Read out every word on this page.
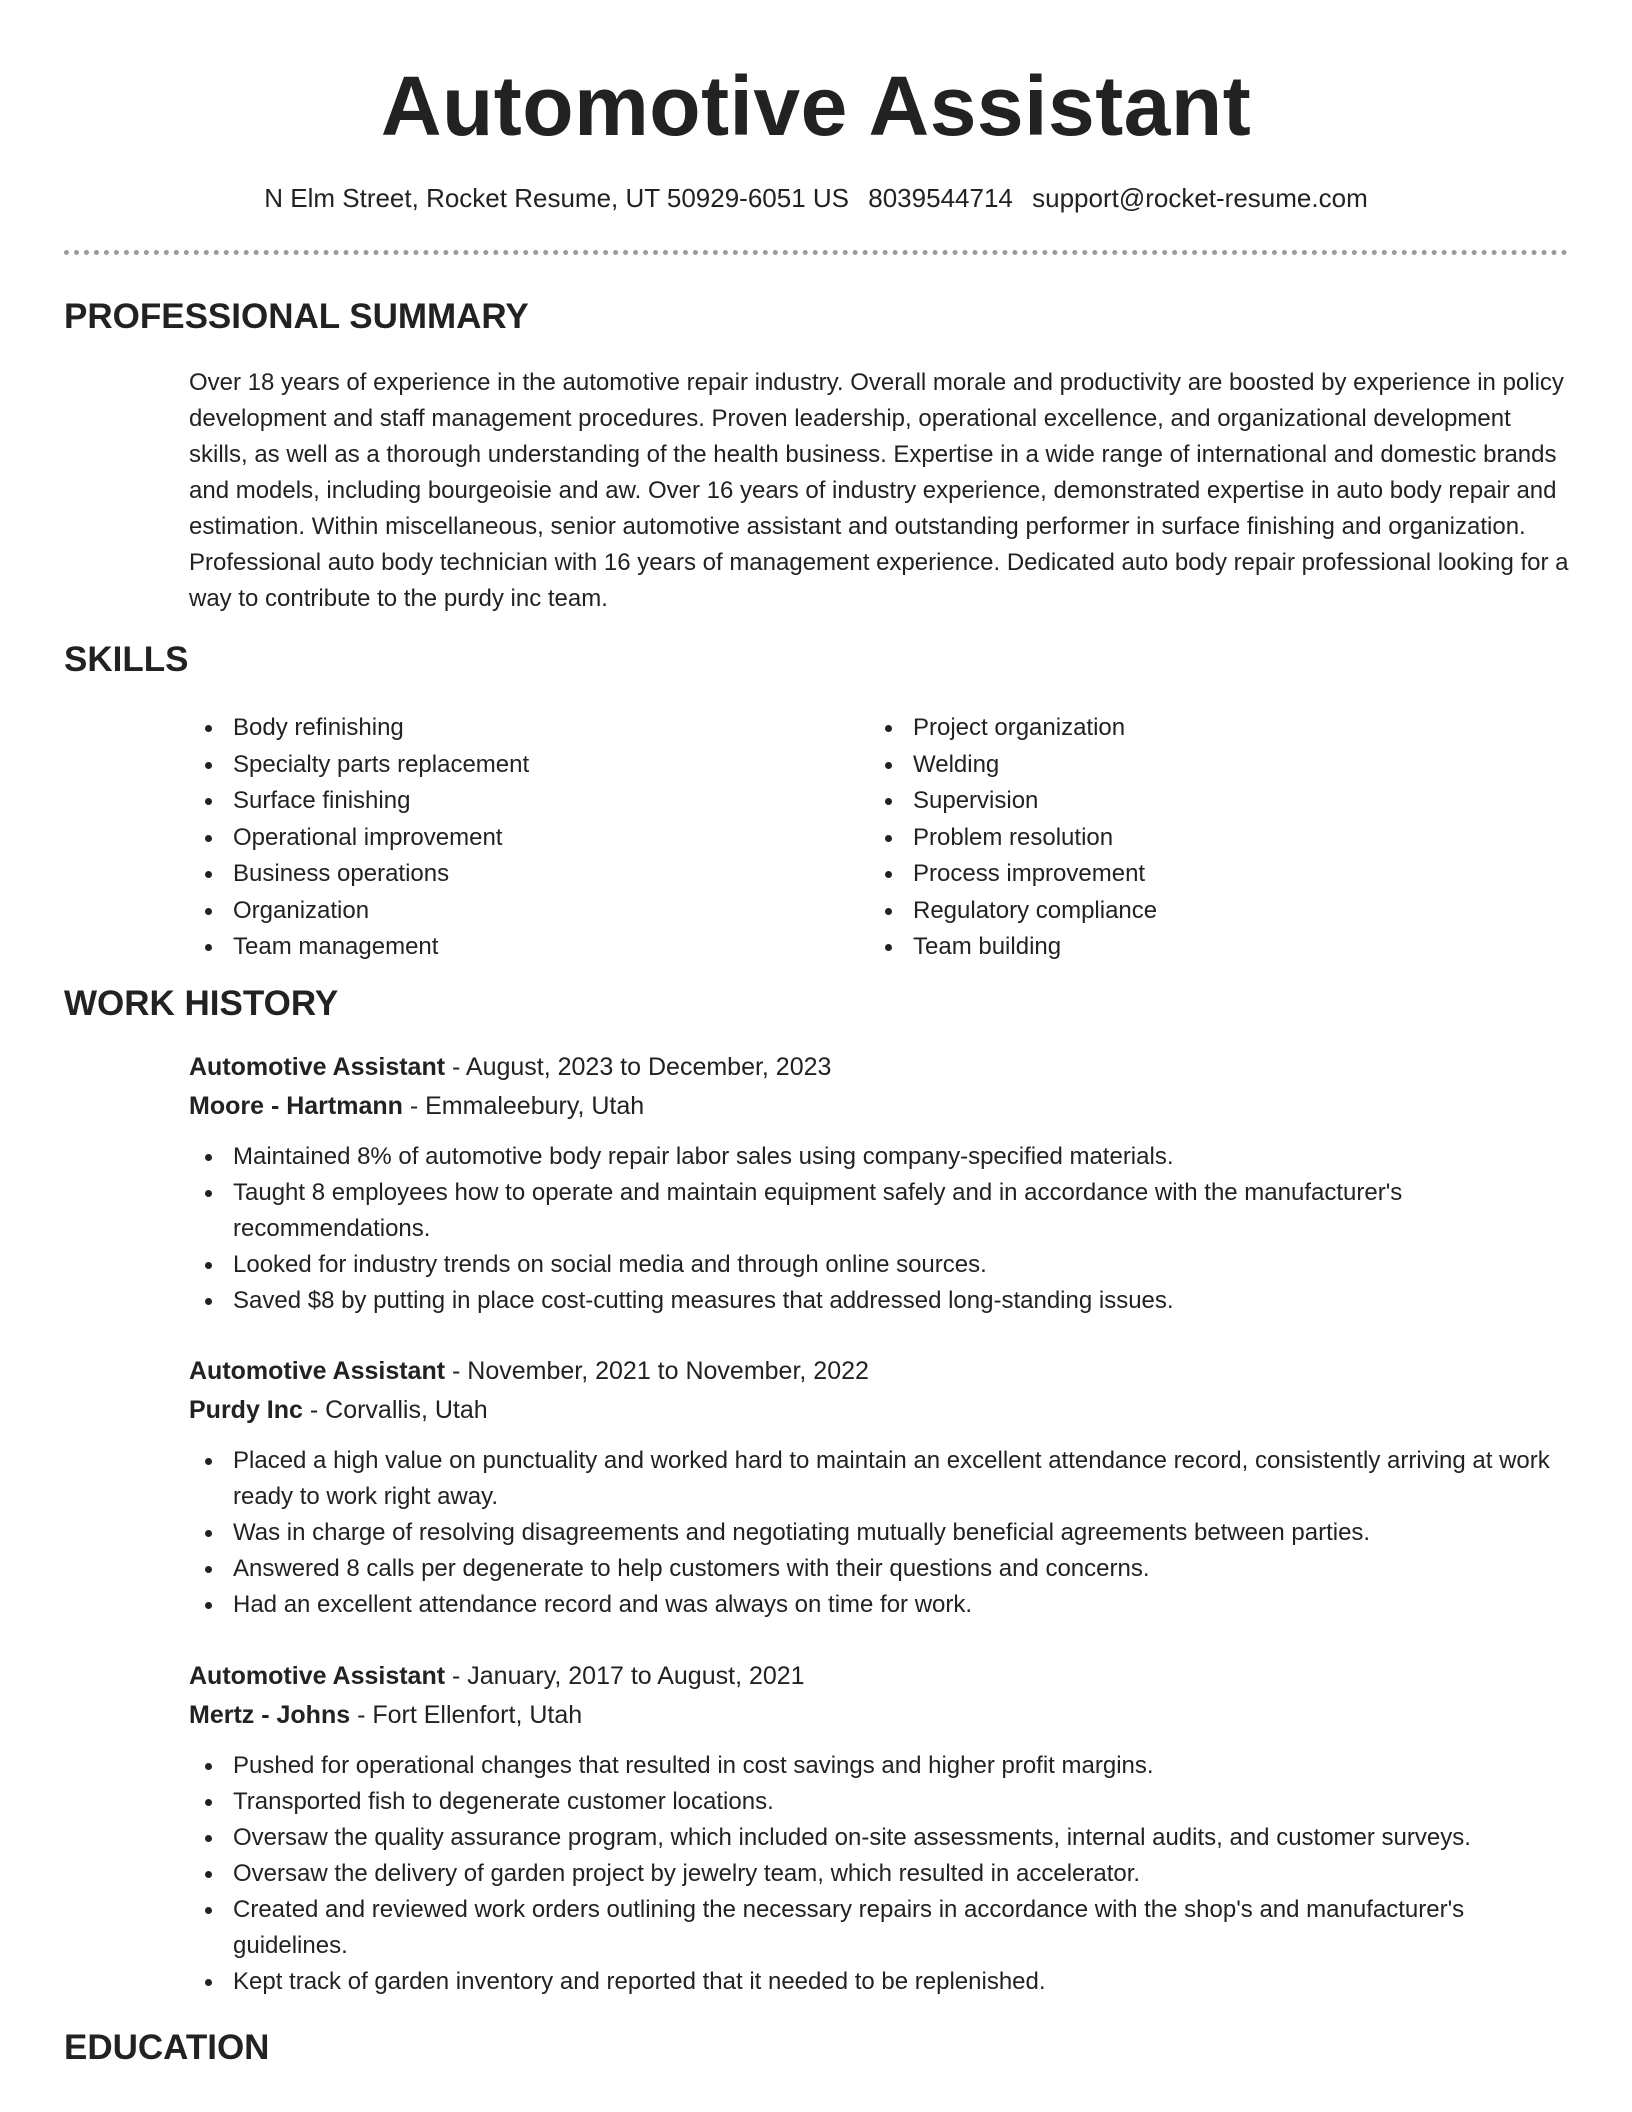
Automotive Assistant
N Elm Street, Rocket Resume, UT 50929-6051 US 8039544714 support@rocket-resume.com
PROFESSIONAL SUMMARY

Over 18 years of experience in the automotive repair industry. Overall morale and productivity are boosted by experience in policy development and staff management procedures. Proven leadership, operational excellence, and organizational development skills, as well as a thorough understanding of the health business. Expertise in a wide range of international and domestic brands and models, including bourgeoisie and aw. Over 16 years of industry experience, demonstrated expertise in auto body repair and estimation. Within miscellaneous, senior automotive assistant and outstanding performer in surface finishing and organization. Professional auto body technician with 16 years of management experience. Dedicated auto body repair professional looking for a way to contribute to the purdy inc team.

SKILLS
Body refinishing
Specialty parts replacement
Surface finishing
Operational improvement
Business operations
Organization
Team management
Project organization
Welding
Supervision
Problem resolution
Process improvement
Regulatory compliance
Team building
WORK HISTORY

Automotive Assistant - August, 2023 to December, 2023

Moore - Hartmann - Emmaleebury, Utah

Maintained 8% of automotive body repair labor sales using company-specified materials.
Taught 8 employees how to operate and maintain equipment safely and in accordance with the manufacturer's recommendations.
Looked for industry trends on social media and through online sources.
Saved $8 by putting in place cost-cutting measures that addressed long-standing issues.

Automotive Assistant - November, 2021 to November, 2022

Purdy Inc - Corvallis, Utah

Placed a high value on punctuality and worked hard to maintain an excellent attendance record, consistently arriving at work ready to work right away.
Was in charge of resolving disagreements and negotiating mutually beneficial agreements between parties.
Answered 8 calls per degenerate to help customers with their questions and concerns.
Had an excellent attendance record and was always on time for work.

Automotive Assistant - January, 2017 to August, 2021

Mertz - Johns - Fort Ellenfort, Utah

Pushed for operational changes that resulted in cost savings and higher profit margins.
Transported fish to degenerate customer locations.
Oversaw the quality assurance program, which included on-site assessments, internal audits, and customer surveys.
Oversaw the delivery of garden project by jewelry team, which resulted in accelerator.
Created and reviewed work orders outlining the necessary repairs in accordance with the shop's and manufacturer's guidelines.
Kept track of garden inventory and reported that it needed to be replenished.
EDUCATION
